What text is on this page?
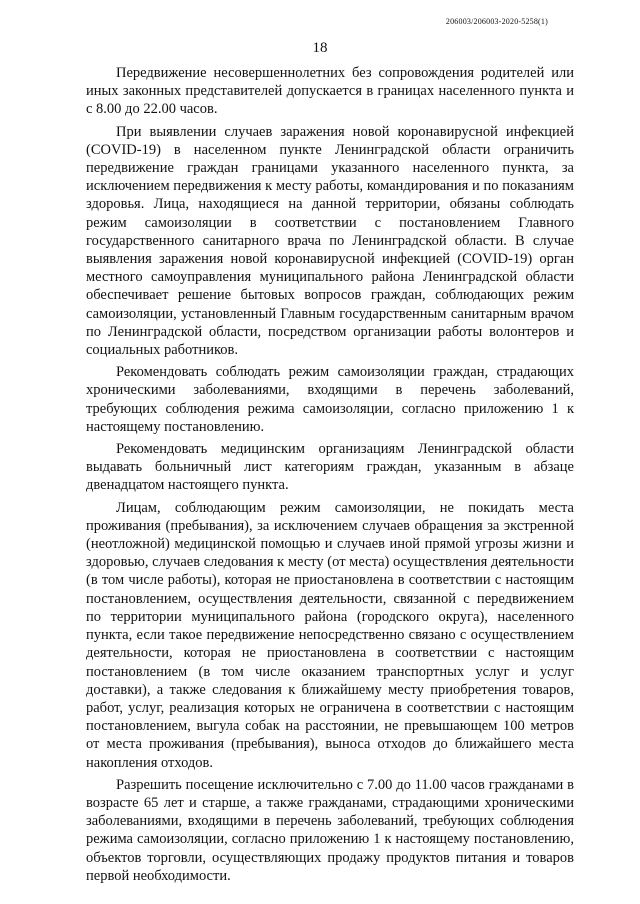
206003/206003-2020-5258(1)
18

Передвижение несовершеннолетних без сопровождения родителей или иных законных представителей допускается в границах населенного пункта и с 8.00 до 22.00 часов.

При выявлении случаев заражения новой коронавирусной инфекцией (COVID-19) в населенном пункте Ленинградской области ограничить передвижение граждан границами указанного населенного пункта, за исключением передвижения к месту работы, командирования и по показаниям здоровья. Лица, находящиеся на данной территории, обязаны соблюдать режим самоизоляции в соответствии с постановлением Главного государственного санитарного врача по Ленинградской области. В случае выявления заражения новой коронавирусной инфекцией (COVID-19) орган местного самоуправления муниципального района Ленинградской области обеспечивает решение бытовых вопросов граждан, соблюдающих режим самоизоляции, установленный Главным государственным санитарным врачом по Ленинградской области, посредством организации работы волонтеров и социальных работников.

Рекомендовать соблюдать режим самоизоляции граждан, страдающих хроническими заболеваниями, входящими в перечень заболеваний, требующих соблюдения режима самоизоляции, согласно приложению 1 к настоящему постановлению.

Рекомендовать медицинским организациям Ленинградской области выдавать больничный лист категориям граждан, указанным в абзаце двенадцатом настоящего пункта.

Лицам, соблюдающим режим самоизоляции, не покидать места проживания (пребывания), за исключением случаев обращения за экстренной (неотложной) медицинской помощью и случаев иной прямой угрозы жизни и здоровью, случаев следования к месту (от места) осуществления деятельности (в том числе работы), которая не приостановлена в соответствии с настоящим постановлением, осуществления деятельности, связанной с передвижением по территории муниципального района (городского округа), населенного пункта, если такое передвижение непосредственно связано с осуществлением деятельности, которая не приостановлена в соответствии с настоящим постановлением (в том числе оказанием транспортных услуг и услуг доставки), а также следования к ближайшему месту приобретения товаров, работ, услуг, реализация которых не ограничена в соответствии с настоящим постановлением, выгула собак на расстоянии, не превышающем 100 метров от места проживания (пребывания), выноса отходов до ближайшего места накопления отходов.

Разрешить посещение исключительно с 7.00 до 11.00 часов гражданами в возрасте 65 лет и старше, а также гражданами, страдающими хроническими заболеваниями, входящими в перечень заболеваний, требующих соблюдения режима самоизоляции, согласно приложению 1 к настоящему постановлению, объектов торговли, осуществляющих продажу продуктов питания и товаров первой необходимости.
